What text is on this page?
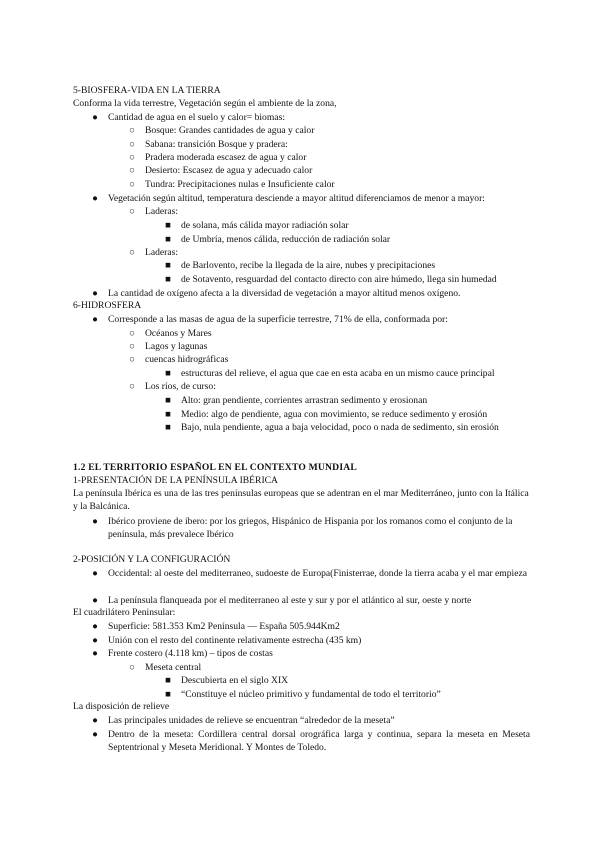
5-BIOSFERA-VIDA EN LA TIERRA

Conforma la vida terrestre, Vegetación según el ambiente de la zona,

● Cantidad de agua en el suelo y calor= biomas:

○ Bosque: Grandes cantidades de agua y calor

○ Sabana: transición Bosque y pradera:

○ Pradera moderada escasez de agua y calor

○ Desierto: Escasez de agua y adecuado calor

○ Tundra: Precipitaciones nulas e Insuficiente calor

● Vegetación según altitud, temperatura desciende a mayor altitud diferenciamos de menor a mayor:

○ Laderas:

■ de solana, más cálida mayor radiación solar

■ de Umbría, menos cálida, reducción de radiación solar

○ Laderas:

■ de Barlovento, recibe la llegada de la aire, nubes y precipitaciones

■ de Sotavento, resguardad del contacto directo con aire húmedo, llega sin humedad

● La cantidad de oxígeno afecta a la diversidad de vegetación a mayor altitud menos oxígeno.

6-HIDROSFERA

● Corresponde a las masas de agua de la superficie terrestre, 71% de ella, conformada por:

○ Océanos y Mares

○ Lagos y lagunas

○ cuencas hidrográficas

■ estructuras del relieve, el agua que cae en esta acaba en un mismo cauce principal

○ Los ríos, de curso:

■ Alto: gran pendiente, corrientes arrastran sedimento y erosionan

■ Medio: algo de pendiente, agua con movimiento, se reduce sedimento y erosión

■ Bajo, nula pendiente, agua a baja velocidad, poco o nada de sedimento, sin erosión

1.2 EL TERRITORIO ESPAÑOL EN EL CONTEXTO MUNDIAL

1-PRESENTACIÓN DE LA PENÍNSULA IBÉRICA

La península Ibérica es una de las tres penínsulas europeas que se adentran en el mar Mediterráneo, junto con la Itálica y la Balcánica.

● Ibérico proviene de íbero: por los griegos, Hispánico de Hispania por los romanos como el conjunto de la península, más prevalece Ibérico

2-POSICIÓN Y LA CONFIGURACIÓN

● Occidental: al oeste del mediterraneo, sudoeste de Europa(Finisterrae, donde la tierra acaba y el mar empieza

● La península flanqueada por el mediterraneo al este y sur y por el atlántico al sur, oeste y norte

El cuadrilátero Peninsular:

● Superficie: 581.353 Km2 Península — España 505.944Km2

● Unión con el resto del continente relativamente estrecha (435 km)

● Frente costero (4.118 km) – tipos de costas

○ Meseta central

■ Descubierta en el siglo XIX

■ “Constituye el núcleo primitivo y fundamental de todo el territorio”

La disposición de relieve

● Las principales unidades de relieve se encuentran “alrededor de la meseta”

● Dentro de la meseta: Cordillera central dorsal orográfica larga y continua, separa la meseta en Meseta Septentrional y Meseta Meridional. Y Montes de Toledo.
